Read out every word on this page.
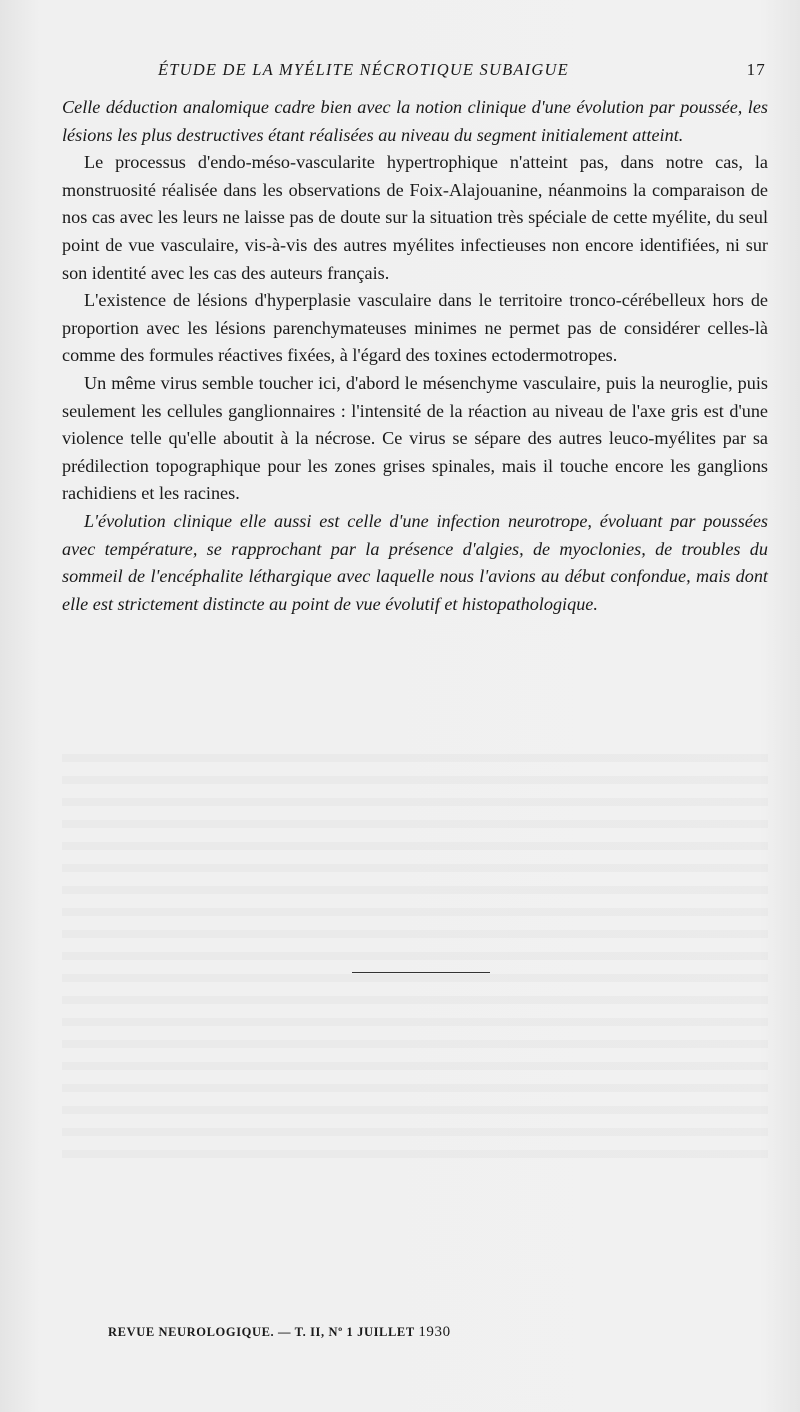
ÉTUDE DE LA MYÉLITE NÉCROTIQUE SUBAIGUE	17

Celle déduction analomique cadre bien avec la notion clinique d'une évolution par poussée, les lésions les plus destructives étant réalisées au niveau du segment initialement atteint.

Le processus d'endo-méso-vascularite hypertrophique n'atteint pas, dans notre cas, la monstruosité réalisée dans les observations de Foix-Alajouanine, néanmoins la comparaison de nos cas avec les leurs ne laisse pas de doute sur la situation très spéciale de cette myélite, du seul point de vue vasculaire, vis-à-vis des autres myélites infectieuses non encore identifiées, ni sur son identité avec les cas des auteurs français.

L'existence de lésions d'hyperplasie vasculaire dans le territoire tronco-cérébelleux hors de proportion avec les lésions parenchymateuses minimes ne permet pas de considérer celles-là comme des formules réactives fixées, à l'égard des toxines ectodermotropes.

Un même virus semble toucher ici, d'abord le mésenchyme vasculaire, puis la neuroglie, puis seulement les cellules ganglionnaires : l'intensité de la réaction au niveau de l'axe gris est d'une violence telle qu'elle aboutit à la nécrose. Ce virus se sépare des autres leuco-myélites par sa prédilection topographique pour les zones grises spinales, mais il touche encore les ganglions rachidiens et les racines.

L'évolution clinique elle aussi est celle d'une infection neurotrope, évoluant par poussées avec température, se rapprochant par la présence d'algies, de myoclonies, de troubles du sommeil de l'encéphalite léthargique avec laquelle nous l'avions au début confondue, mais dont elle est strictement distincte au point de vue évolutif et histopathologique.

REVUE NEUROLOGIQUE. — T. II, Nº 1 JUILLET 1930
